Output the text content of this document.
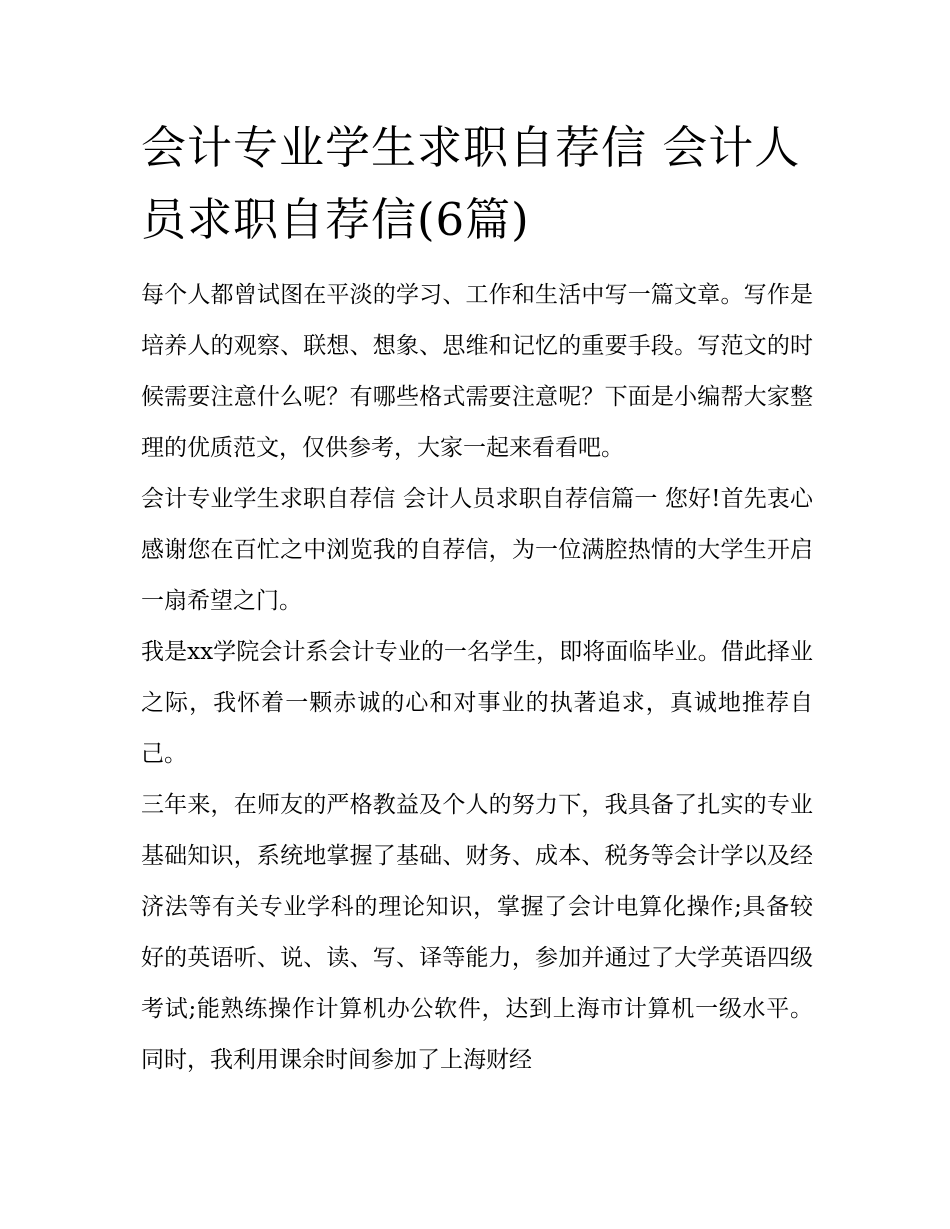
会计专业学生求职自荐信 会计人员求职自荐信(6篇)

每个人都曾试图在平淡的学习、工作和生活中写一篇文章。写作是培养人的观察、联想、想象、思维和记忆的重要手段。写范文的时候需要注意什么呢？有哪些格式需要注意呢？下面是小编帮大家整理的优质范文，仅供参考，大家一起来看看吧。

会计专业学生求职自荐信 会计人员求职自荐信篇一 您好!首先衷心感谢您在百忙之中浏览我的自荐信，为一位满腔热情的大学生开启一扇希望之门。

我是xx学院会计系会计专业的一名学生，即将面临毕业。借此择业之际，我怀着一颗赤诚的心和对事业的执著追求，真诚地推荐自己。

三年来，在师友的严格教益及个人的努力下，我具备了扎实的专业基础知识，系统地掌握了基础、财务、成本、税务等会计学以及经济法等有关专业学科的理论知识，掌握了会计电算化操作;具备较好的英语听、说、读、写、译等能力，参加并通过了大学英语四级考试;能熟练操作计算机办公软件，达到上海市计算机一级水平。同时，我利用课余时间参加了上海财经
